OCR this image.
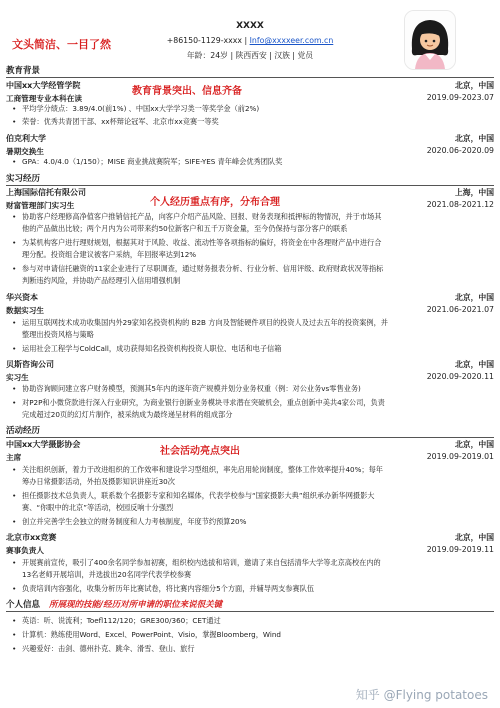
文头简洁、一目了然
XXXX
+86150-1129-xxxx | Info@xxxxeer.com.cn
年龄：24岁 | 陕西西安 | 汉族 | 党员
教育背景
中国xx大学经管学院	北京，中国
教育背景突出、信息齐备
工商管理专业本科在读	2019.09-2023.07
• 平均学分绩点：3.89/4.0(前1%) 、中国xx大学学习类一等奖学金（前2%)
• 荣誉：优秀共青团干部、xx杯辩论冠军、北京市xx竞赛一等奖
伯克利大学	北京，中国
暑期交换生	2020.06-2020.09
• GPA：4.0/4.0（1/150）；MISE 商业挑战赛院军；SIFE-YES 青年峰会优秀团队奖
实习经历
上海国际信托有限公司	上海，中国
个人经历重点有序，分布合理
财富管理部门实习生	2021.08-2021.12
• 协助客户经理修高净值客户推销信托产品，向客户介绍产品风险、回报、财务表现和抵押标的物情况，并于市场其
他的产品做出比较；两个月内为公司带来约50位新客户和五千万资金量，至今仍保持与部分客户的联系
• 为某机构客户进行理财规划，根据其对于风险、收益、流动性等各项指标的偏好，将资金在中各理财产品中进行合
理分配。投资组合建议被客户采纳，年回报率达到12%
• 参与对申请信托融资的11家企业进行了尽职调查，通过财务报表分析、行业分析、信用评级、政府财政状况等指标
判断违约风险，并协助产品经理引入信用增强机制
华兴资本	北京，中国
数据实习生	2021.06-2021.07
• 运用互联网技术成功收集国内外29家知名投资机构的 B2B 方向及智能硬件项目的投资人及过去五年的投资案例，并
整理出投资风格与策略
• 运用社会工程学与ColdCall，成功获得知名投资机构投资人职位、电话和电子信箱
贝斯咨询公司	北京，中国
实习生	2020.09-2020.11
• 协助咨询顾问建立客户财务模型，预测其5年内的逐年资产规模并划分业务权重（例：对公业务vs零售业务)
• 对P2P和小微贷款进行深入行业研究，为商业银行创新业务模块寻求潜在突破机会，重点创新中美共4家公司，负责
完成超过20页的幻灯片制作，被采纳成为最终递呈材料的组成部分
活动经历
中国xx大学摄影协会	北京，中国
社会活动亮点突出
主席	2019.09-2019.01
• 关注组织创新，着力于改进组织的工作效率和建设学习型组织，率先启用轮岗制度，整体工作效率提升40%；每年
筹办日常摄影活动，外拍及摄影知识讲座近30次
• 担任摄影技术总负责人，联系数个名摄影专家和知名媒体，代表学校参与“国家摄影大典”组织承办新华网摄影大
赛、“你眼中的北京”等活动，校园反响十分强烈
• 创立并完善学生会独立的财务制度和人力考核制度，年度节约预算20%
北京市xx竞赛	北京，中国
赛事负责人	2019.09-2019.11
• 开展赛前宣传，吸引了400余名同学参加初赛，组织校内选拔和培训，邀请了来自包括清华大学等北京高校在内的
13名老师开展培训，并选拔出20名同学代表学校参赛
• 负责培训内容强化，收集分析历年比赛试卷，将比赛内容细分5个方面，并辅导两支参赛队伍
个人信息 所展现的技能/经历对所申请的职位来说很关键
• 英语：听、说流利；Toefl112/120；GRE300/360；CET通过
• 计算机：熟练使用Word、Excel、PowerPoint、Visio，掌握Bloomberg，Wind
• 兴趣爱好：击剑、德州扑克、跳伞、滑雪、登山、旅行
知乎 @Flying potatoes
